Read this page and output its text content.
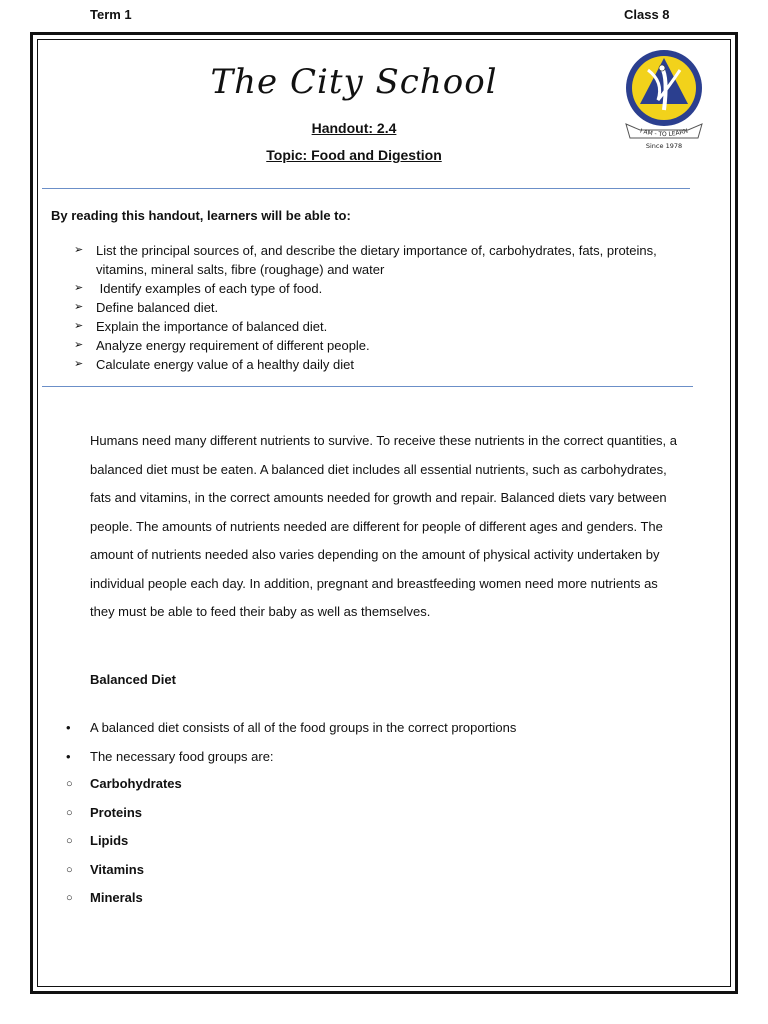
Term 1	Class 8
The City School
Handout: 2.4
Topic: Food and Digestion
I AM - TO LEARN
Since 1978
By reading this handout, learners will be able to:
➢ List the principal sources of, and describe the dietary importance of, carbohydrates, fats, proteins, vitamins, mineral salts, fibre (roughage) and water
➢ Identify examples of each type of food.
➢ Define balanced diet.
➢ Explain the importance of balanced diet.
➢ Analyze energy requirement of different people.
➢ Calculate energy value of a healthy daily diet

Humans need many different nutrients to survive. To receive these nutrients in the correct quantities, a balanced diet must be eaten. A balanced diet includes all essential nutrients, such as carbohydrates, fats and vitamins, in the correct amounts needed for growth and repair. Balanced diets vary between people. The amounts of nutrients needed are different for people of different ages and genders. The amount of nutrients needed also varies depending on the amount of physical activity undertaken by individual people each day. In addition, pregnant and breastfeeding women need more nutrients as they must be able to feed their baby as well as themselves.

Balanced Diet
• A balanced diet consists of all of the food groups in the correct proportions
• The necessary food groups are:
○ Carbohydrates
○ Proteins
○ Lipids
○ Vitamins
○ Minerals
